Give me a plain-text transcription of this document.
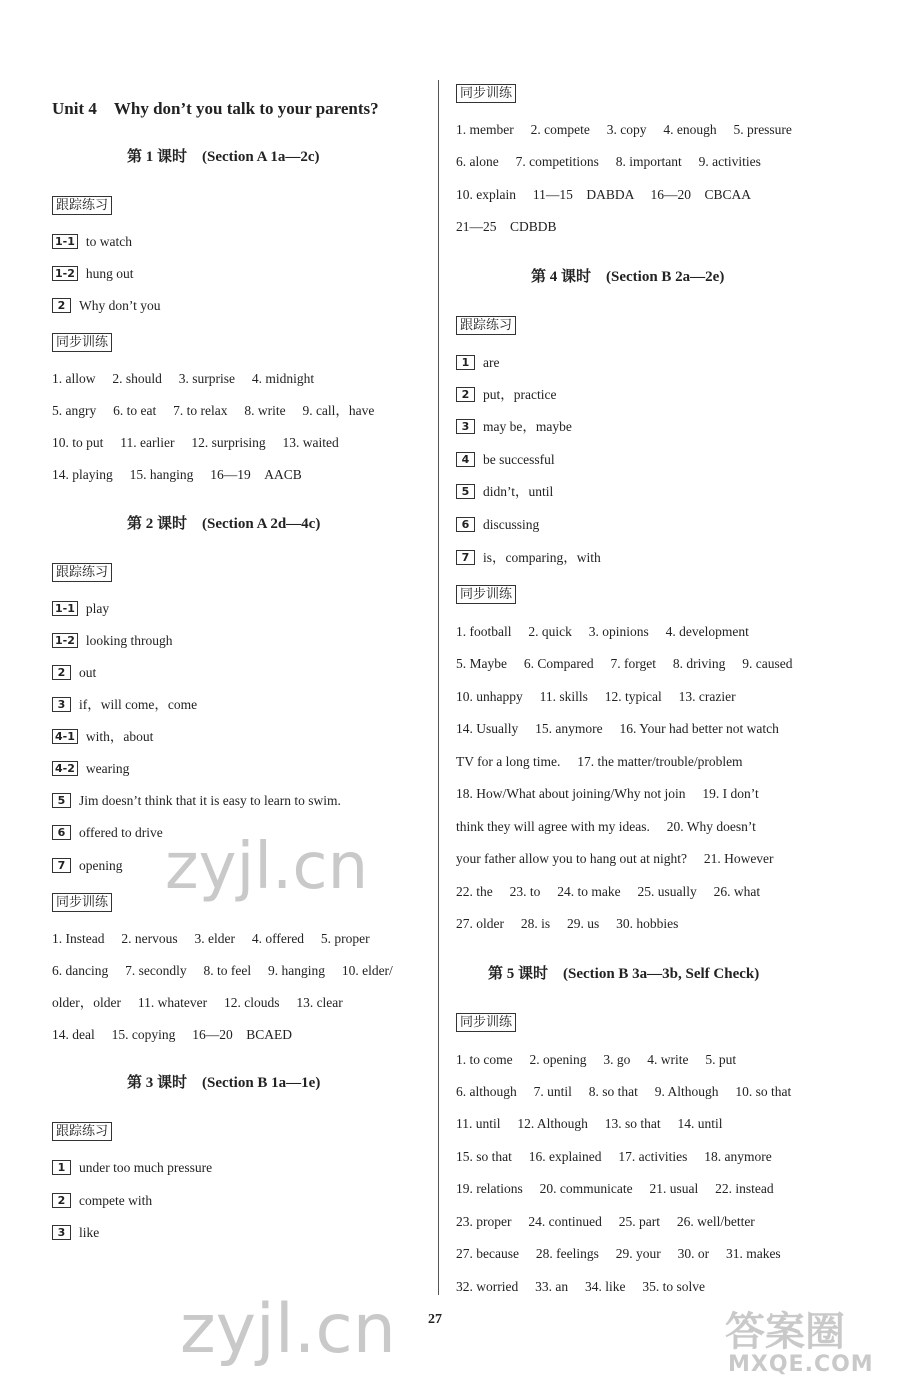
Unit 4　Why don’t you talk to your parents?
第 1 课时　(Section A 1a—2c)
跟踪练习
1-1 to watch
1-2 hung out
2 Why don’t you
同步训练
1. allow　 2. should　 3. surprise　 4. midnight
5. angry　 6. to eat　 7. to relax　 8. write　 9. call，have
10. to put　 11. earlier　 12. surprising　 13. waited
14. playing　 15. hanging　 16—19　AACB
第 2 课时　(Section A 2d—4c)
跟踪练习
1-1 play
1-2 looking through
2 out
3 if，will come，come
4-1 with，about
4-2 wearing
5 Jim doesn’t think that it is easy to learn to swim.
6 offered to drive
7 opening
同步训练
1. Instead　 2. nervous　 3. elder　 4. offered　 5. proper
6. dancing　 7. secondly　 8. to feel　 9. hanging　 10. elder/
older，older　 11. whatever　 12. clouds　 13. clear
14. deal　 15. copying　 16—20　BCAED
第 3 课时　(Section B 1a—1e)
跟踪练习
1 under too much pressure
2 compete with
3 like
同步训练
1. member　 2. compete　 3. copy　 4. enough　 5. pressure
6. alone　 7. competitions　 8. important　 9. activities
10. explain　 11—15　DABDA　 16—20　CBCAA
21—25　CDBDB
第 4 课时　(Section B 2a—2e)
跟踪练习
1 are
2 put，practice
3 may be，maybe
4 be successful
5 didn’t，until
6 discussing
7 is，comparing，with
同步训练
1. football　 2. quick　 3. opinions　 4. development
5. Maybe　 6. Compared　 7. forget　 8. driving　 9. caused
10. unhappy　 11. skills　 12. typical　 13. crazier
14. Usually　 15. anymore　 16. Your had better not watch
TV for a long time.　 17. the matter/trouble/problem
18. How/What about joining/Why not join　 19. I don’t
think they will agree with my ideas.　 20. Why doesn’t
your father allow you to hang out at night?　 21. However
22. the　 23. to　 24. to make　 25. usually　 26. what
27. older　 28. is　 29. us　 30. hobbies
第 5 课时　(Section B 3a—3b, Self Check)
同步训练
1. to come　 2. opening　 3. go　 4. write　 5. put
6. although　 7. until　 8. so that　 9. Although　 10. so that
11. until　 12. Although　 13. so that　 14. until
15. so that　 16. explained　 17. activities　 18. anymore
19. relations　 20. communicate　 21. usual　 22. instead
23. proper　 24. continued　 25. part　 26. well/better
27. because　 28. feelings　 29. your　 30. or　 31. makes
32. worried　 33. an　 34. like　 35. to solve
zyjl.cn
zyjl.cn	答案圈
MXQE.COM
27
